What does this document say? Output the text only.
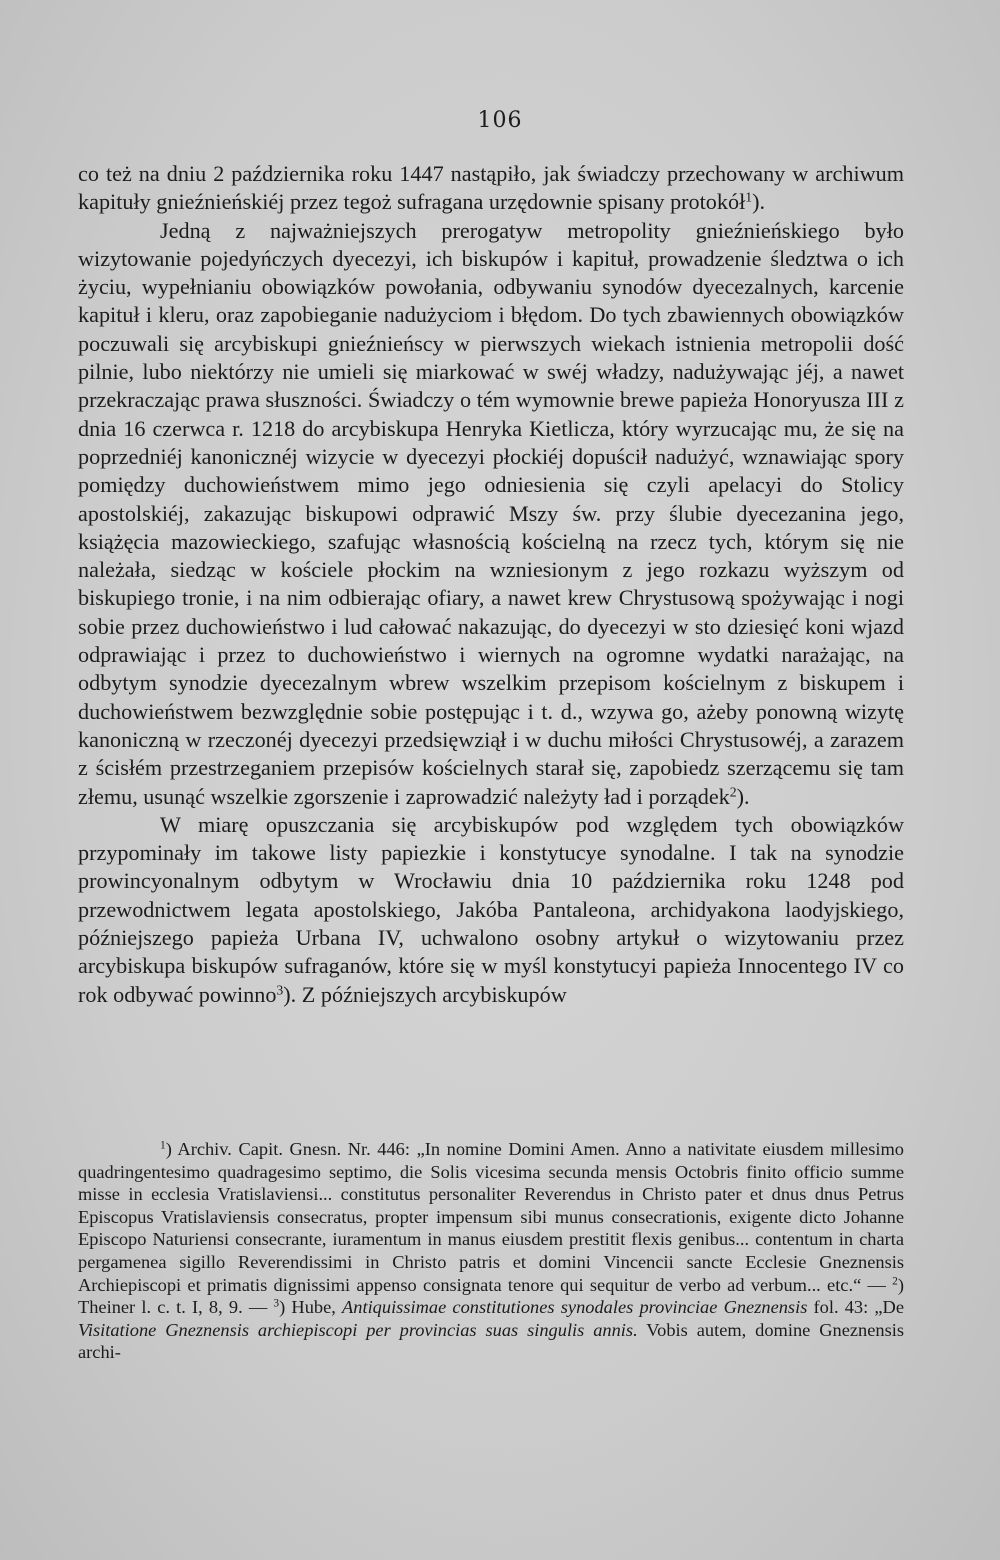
106

co też na dniu 2 października roku 1447 nastąpiło, jak świadczy przechowany w archiwum kapituły gnieźnieńskiéj przez tegoż sufragana urzędownie spisany protokół$^1$).

Jedną z najważniejszych prerogatyw metropolity gnieźnieńskiego było wizytowanie pojedyńczych dyecezyi, ich biskupów i kapituł, prowadzenie śledztwa o ich życiu, wypełnianiu obowiązków powołania, odbywaniu synodów dyecezalnych, karcenie kapituł i kleru, oraz zapobieganie nadużyciom i błędom. Do tych zbawiennych obowiązków poczuwali się arcybiskupi gnieźnieńscy w pierwszych wiekach istnienia metropolii dość pilnie, lubo niektórzy nie umieli się miarkować w swéj władzy, nadużywając jéj, a nawet przekraczając prawa słuszności. Świadczy o tém wymownie brewe papieża Honoryusza III z dnia 16 czerwca r. 1218 do arcybiskupa Henryka Kietlicza, który wyrzucając mu, że się na poprzedniéj kanonicznéj wizycie w dyecezyi płockiéj dopuścił nadużyć, wznawiając spory pomiędzy duchowieństwem mimo jego odniesienia się czyli apelacyi do Stolicy apostolskiéj, zakazując biskupowi odprawić Mszy św. przy ślubie dyecezanina jego, książęcia mazowieckiego, szafując własnością kościelną na rzecz tych, którym się nie należała, siedząc w kościele płockim na wzniesionym z jego rozkazu wyższym od biskupiego tronie, i na nim odbierając ofiary, a nawet krew Chrystusową spożywając i nogi sobie przez duchowieństwo i lud całować nakazując, do dyecezyi w sto dziesięć koni wjazd odprawiając i przez to duchowieństwo i wiernych na ogromne wydatki narażając, na odbytym synodzie dyecezalnym wbrew wszelkim przepisom kościelnym z biskupem i duchowieństwem bezwzględnie sobie postępując i t. d., wzywa go, ażeby ponowną wizytę kanoniczną w rzeczonéj dyecezyi przedsięwziął i w duchu miłości Chrystusowéj, a zarazem z ścisłém przestrzeganiem przepisów kościelnych starał się, zapobiedz szerzącemu się tam złemu, usunąć wszelkie zgorszenie i zaprowadzić należyty ład i porządek$^2$).

W miarę opuszczania się arcybiskupów pod względem tych obowiązków przypominały im takowe listy papiezkie i konstytucye synodalne. I tak na synodzie prowincyonalnym odbytym w Wrocławiu dnia 10 października roku 1248 pod przewodnictwem legata apostolskiego, Jakóba Pantaleona, archidyakona laodyjskiego, późniejszego papieża Urbana IV, uchwalono osobny artykuł o wizytowaniu przez arcybiskupa biskupów sufraganów, które się w myśl konstytucyi papieża Innocentego IV co rok odbywać powinno$^3$). Z późniejszych arcybiskupów

$^1$) Archiv. Capit. Gnesn. Nr. 446: „In nomine Domini Amen. Anno a nativitate eiusdem millesimo quadringentesimo quadragesimo septimo, die Solis vicesima secunda mensis Octobris finito officio summe misse in ecclesia Vratislaviensi... constitutus personaliter Reverendus in Christo pater et dnus dnus Petrus Episcopus Vratislaviensis consecratus, propter impensum sibi munus consecrationis, exigente dicto Johanne Episcopo Naturiensi consecrante, iuramentum in manus eiusdem prestitit flexis genibus... contentum in charta pergamenea sigillo Reverendissimi in Christo patris et domini Vincencii sancte Ecclesie Gneznensis Archiepiscopi et primatis dignissimi appenso consignata tenore qui sequitur de verbo ad verbum... etc.“ — $^2$) Theiner l. c. t. I, 8, 9. — $^3$) Hube, Antiquissimae constitutiones synodales provinciae Gneznensis fol. 43: „De Visitatione Gneznensis archiepiscopi per provincias suas singulis annis. Vobis autem, domine Gneznensis archi-
